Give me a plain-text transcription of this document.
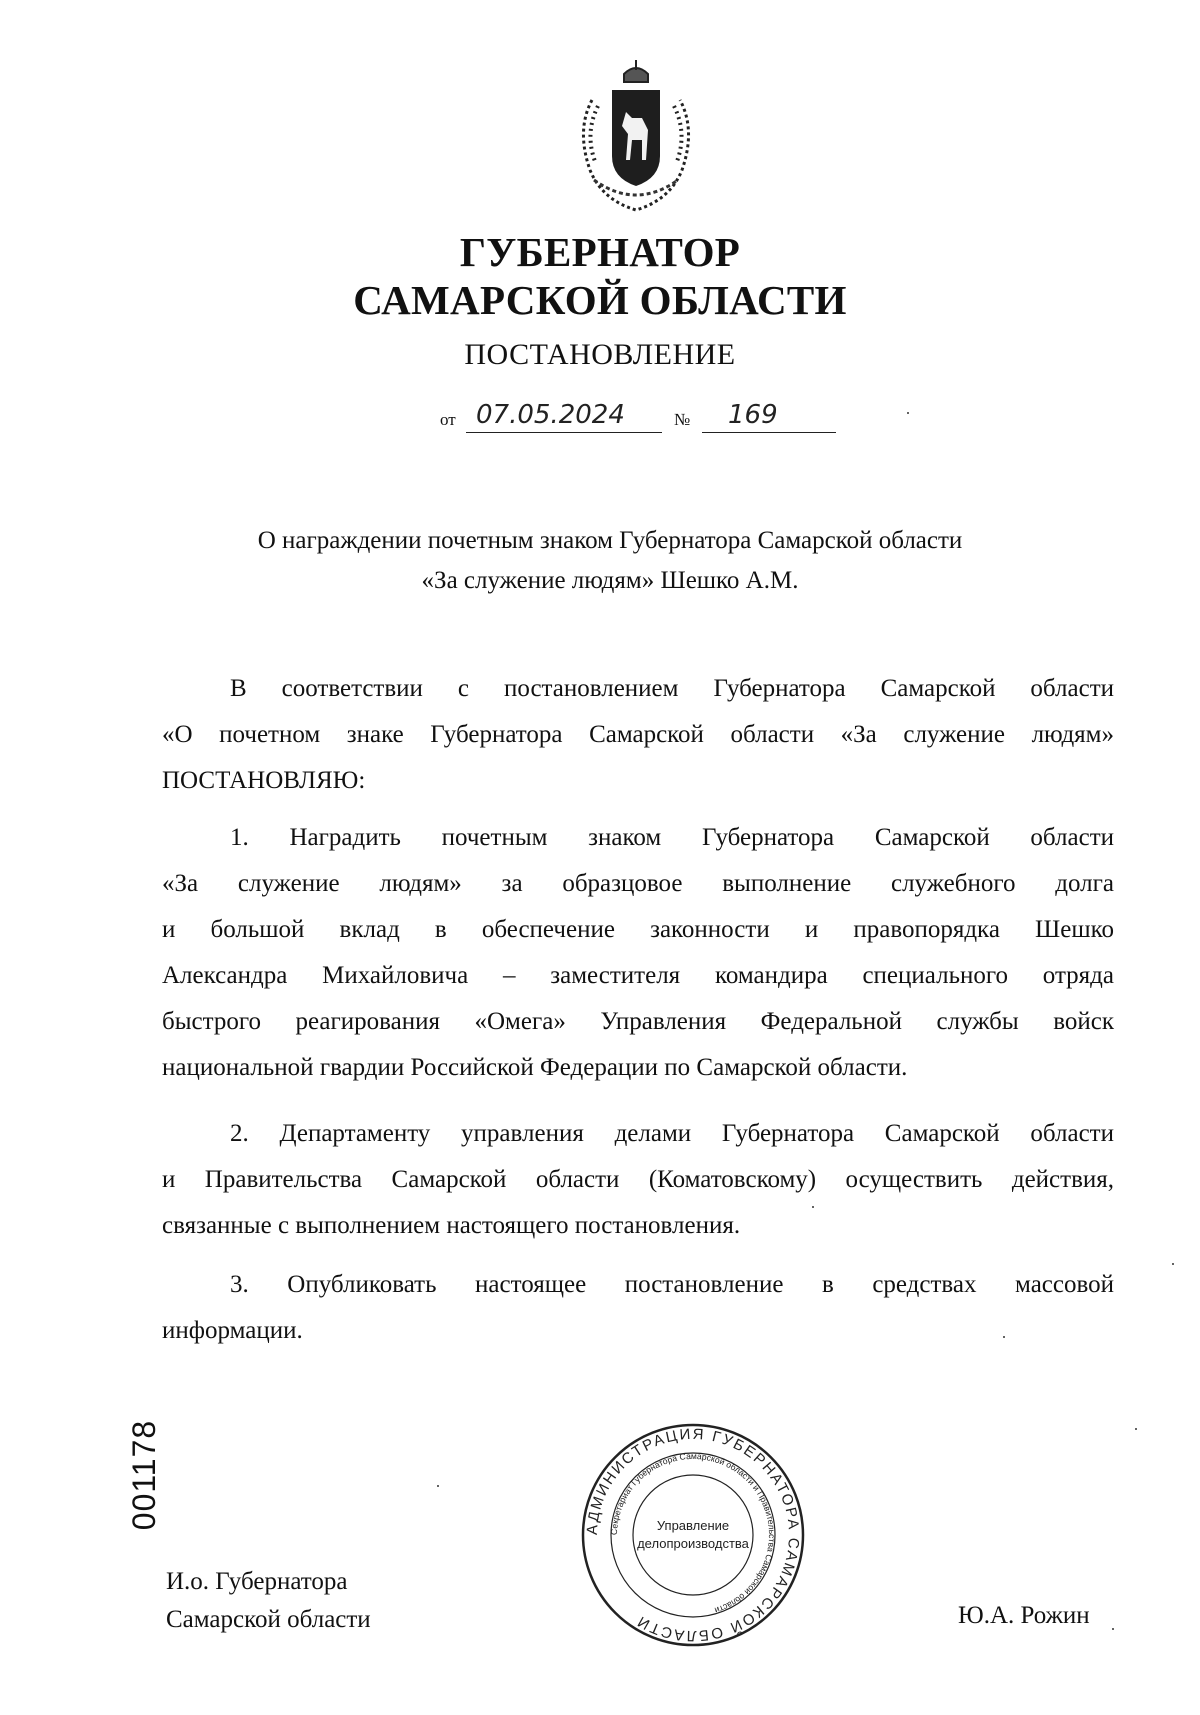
ГУБЕРНАТОР
САМАРСКОЙ ОБЛАСТИ
ПОСТАНОВЛЕНИЕ
от 07.05.2024	№ 169
О награждении почетным знаком Губернатора Самарской области
«За служение людям» Шешко А.М.
В соответствии с постановлением Губернатора Самарской области
«О почетном знаке Губернатора Самарской области «За служение людям»
ПОСТАНОВЛЯЮ:
1. Наградить почетным знаком Губернатора Самарской области
«За служение людям» за образцовое выполнение служебного долга
и большой вклад в обеспечение законности и правопорядка Шешко
Александра Михайловича – заместителя командира специального отряда
быстрого реагирования «Омега» Управления Федеральной службы войск
национальной гвардии Российской Федерации по Самарской области.
2. Департаменту управления делами Губернатора Самарской области
и Правительства Самарской области (Коматовскому) осуществить действия,
связанные с выполнением настоящего постановления.
3. Опубликовать настоящее постановление в средствах массовой
информации.
001178
И.о. Губернатора
Самарской области	Ю.А. Рожин
АДМИНИСТРАЦИЯ ГУБЕРНАТОРА САМАРСКОЙ ОБЛАСТИ
Секретариат Губернатора Самарской области и Правительства Самарской области
Управление
делопроизводства
